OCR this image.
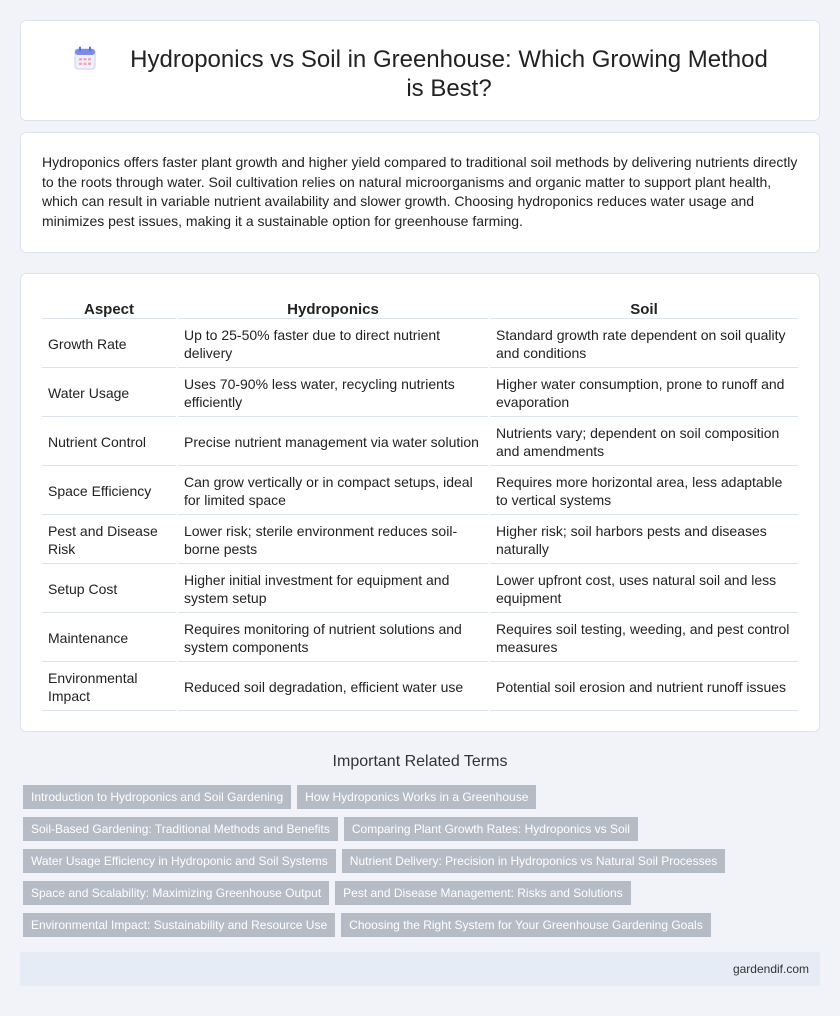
Hydroponics vs Soil in Greenhouse: Which Growing Method is Best?

Hydroponics offers faster plant growth and higher yield compared to traditional soil methods by delivering nutrients directly to the roots through water. Soil cultivation relies on natural microorganisms and organic matter to support plant health, which can result in variable nutrient availability and slower growth. Choosing hydroponics reduces water usage and minimizes pest issues, making it a sustainable option for greenhouse farming.

Aspect	Hydroponics	Soil
Growth Rate	Up to 25-50% faster due to direct nutrient delivery	Standard growth rate dependent on soil quality and conditions
Water Usage	Uses 70-90% less water, recycling nutrients efficiently	Higher water consumption, prone to runoff and evaporation
Nutrient Control	Precise nutrient management via water solution	Nutrients vary; dependent on soil composition and amendments
Space Efficiency	Can grow vertically or in compact setups, ideal for limited space	Requires more horizontal area, less adaptable to vertical systems
Pest and Disease Risk	Lower risk; sterile environment reduces soil-borne pests	Higher risk; soil harbors pests and diseases naturally
Setup Cost	Higher initial investment for equipment and system setup	Lower upfront cost, uses natural soil and less equipment
Maintenance	Requires monitoring of nutrient solutions and system components	Requires soil testing, weeding, and pest control measures
Environmental Impact	Reduced soil degradation, efficient water use	Potential soil erosion and nutrient runoff issues
Important Related Terms
Introduction to Hydroponics and Soil Gardening	How Hydroponics Works in a Greenhouse
Soil-Based Gardening: Traditional Methods and Benefits	Comparing Plant Growth Rates: Hydroponics vs Soil
Water Usage Efficiency in Hydroponic and Soil Systems	Nutrient Delivery: Precision in Hydroponics vs Natural Soil Processes
Space and Scalability: Maximizing Greenhouse Output	Pest and Disease Management: Risks and Solutions
Environmental Impact: Sustainability and Resource Use	Choosing the Right System for Your Greenhouse Gardening Goals
gardendif.com
